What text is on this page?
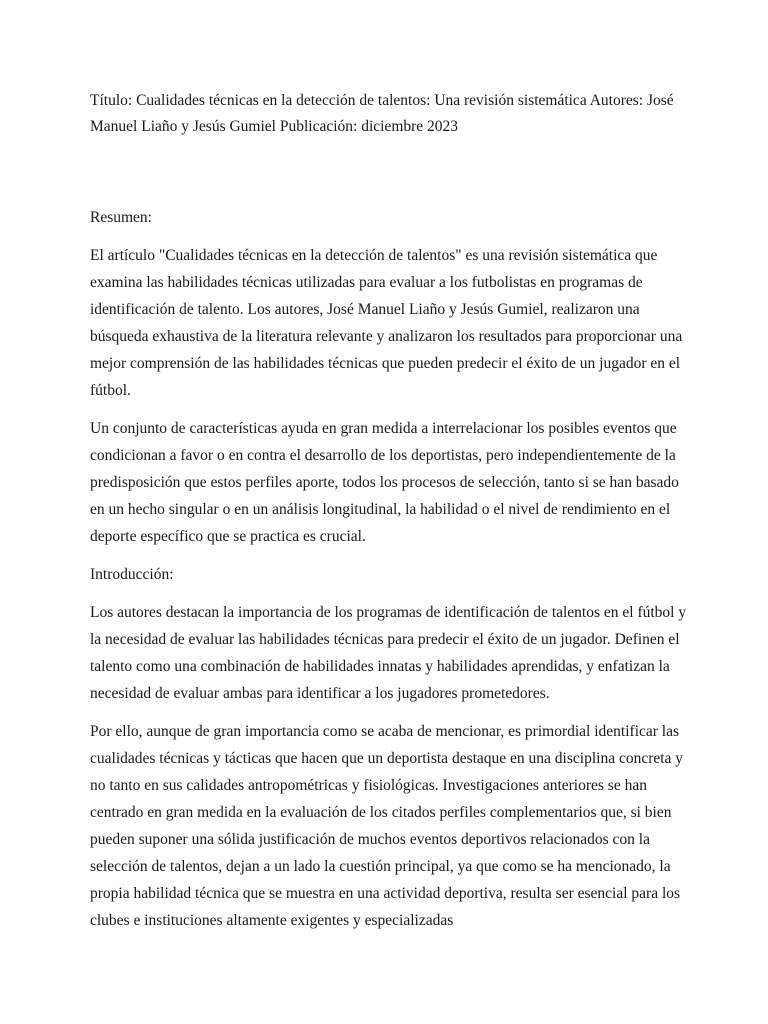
Título: Cualidades técnicas en la detección de talentos: Una revisión sistemática Autores: José
Manuel Liaño y Jesús Gumiel Publicación: diciembre 2023
Resumen:

El artículo "Cualidades técnicas en la detección de talentos" es una revisión sistemática que
examina las habilidades técnicas utilizadas para evaluar a los futbolistas en programas de
identificación de talento. Los autores, José Manuel Liaño y Jesús Gumiel, realizaron una
búsqueda exhaustiva de la literatura relevante y analizaron los resultados para proporcionar una
mejor comprensión de las habilidades técnicas que pueden predecir el éxito de un jugador en el
fútbol.

Un conjunto de características ayuda en gran medida a interrelacionar los posibles eventos que
condicionan a favor o en contra el desarrollo de los deportistas, pero independientemente de la
predisposición que estos perfiles aporte, todos los procesos de selección, tanto si se han basado
en un hecho singular o en un análisis longitudinal, la habilidad o el nivel de rendimiento en el
deporte específico que se practica es crucial.

Introducción:

Los autores destacan la importancia de los programas de identificación de talentos en el fútbol y
la necesidad de evaluar las habilidades técnicas para predecir el éxito de un jugador. Definen el
talento como una combinación de habilidades innatas y habilidades aprendidas, y enfatizan la
necesidad de evaluar ambas para identificar a los jugadores prometedores.

Por ello, aunque de gran importancia como se acaba de mencionar, es primordial identificar las
cualidades técnicas y tácticas que hacen que un deportista destaque en una disciplina concreta y
no tanto en sus calidades antropométricas y fisiológicas. Investigaciones anteriores se han
centrado en gran medida en la evaluación de los citados perfiles complementarios que, si bien
pueden suponer una sólida justificación de muchos eventos deportivos relacionados con la
selección de talentos, dejan a un lado la cuestión principal, ya que como se ha mencionado, la
propia habilidad técnica que se muestra en una actividad deportiva, resulta ser esencial para los
clubes e instituciones altamente exigentes y especializadas
